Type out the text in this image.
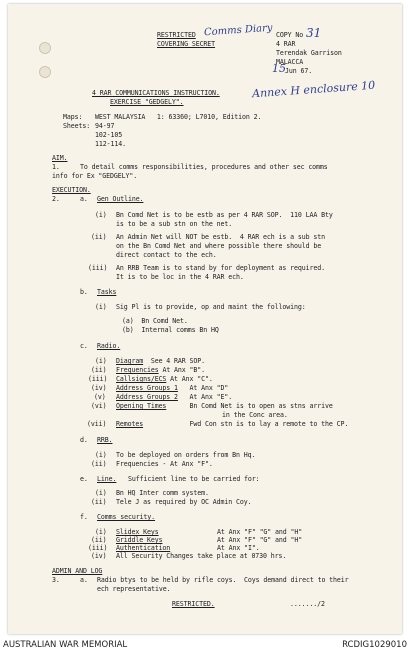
RESTRICTED
COVERING SECRET
Comms Diary COPY No 31
4 RAR
Terendak Garrison
MALACCA
15 Jun 67.
Annex H enclosure 10
4 RAR COMMUNICATIONS INSTRUCTION.
EXERCISE "GEDGELY".
Maps: WEST MALAYSIA   1: 63360; L7010, Edition 2.
Sheets: 94-97
102-105
112-114.
AIM.
1.	To detail comms responsibilities, procedures and other sec comms
info for Ex "GEDGELY".
EXECUTION.
2.	a. Gen Outline.
(i) Bn Comd Net is to be estb as per 4 RAR SOP.  110 LAA Bty
is to be a sub stn on the net.
(ii) An Admin Net will NOT be estb.  4 RAR ech is a sub stn
on the Bn Comd Net and where possible there should be
direct contact to the ech.
(iii) An RRB Team is to stand by for deployment as required.
It is to be loc in the 4 RAR ech.
b. Tasks
(i) Sig Pl is to provide, op and maint the following:
(a)  Bn Comd Net.
(b)  Internal comms Bn HQ
c. Radio.
(i) Diagram  See 4 RAR SOP.
(ii) Frequencies At Anx "B".
(iii) Callsigns/ECS At Anx "C".
(iv) Address Groups 1   At Anx "D"
(v) Address Groups 2   At Anx "E".
(vi) Opening Times      Bn Comd Net is to open as stns arrive
in the Conc area.
(vii) Remotes            Fwd Con stn is to lay a remote to the CP.
d. RRB.
(i) To be deployed on orders from Bn Hq.
(ii) Frequencies - At Anx "F".
e. Line.   Sufficient line to be carried for:
(i) Bn HQ Inter comm system.
(ii) Tele J as required by OC Admin Coy.
f. Comms security.
(i) Slidex Keys	At Anx "F" "G" and "H"
(ii) Griddle Keys	At Anx "F" "G" and "H"
(iii) Authentication	At Anx "I".
(iv) All Security Changes take place at 0730 hrs.
ADMIN AND LOG
3.	a. Radio btys to be held by rifle coys.  Coys demand direct to their
ech representative.
RESTRICTED.	......./2
AUSTRALIAN WAR MEMORIAL	RCDIG1029010
